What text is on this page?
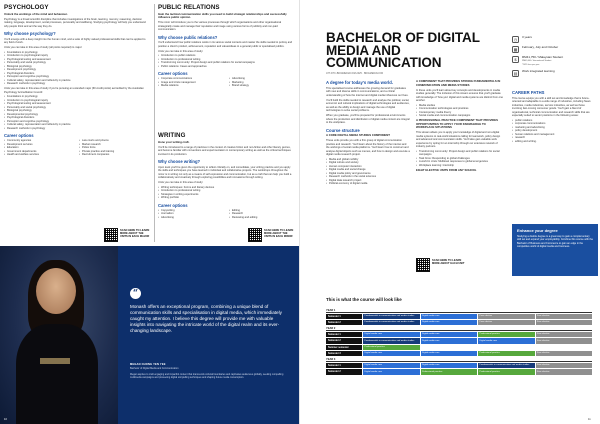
PSYCHOLOGY
Unlock the workings of the mind and behaviour.
Psychology is a broad scientific discipline that includes investigations of the brain, learning, memory, reasoning, decision making, language, development, social processes, personality and wellbeing. Studying psychology will help you understand why people think and act the way they do.
Why choose psychology?
You'll emerge with a deep insight into the human mind, and a suite of highly valued professional skills that can be applied to any field of work.
Units you can take in this area of study (all points required) to major:
• Foundations in psychology
• Introduction to psychological inquiry
• Psychological testing and assessment
• Personality and social psychology
• Biological psychology
• Development psychology
• Psychological disorders
• Perception and cognitive psychology
• Cultural safety, representation and reflexivity in practice
• Research methods in psychology
Units you can take in this area of study if you're pursuing an extended major (60 credit points) accredited by the Australian Psychology Accreditation Council:
• Foundations in psychology
• Introduction to psychological inquiry
• Psychological testing and assessment
• Personality and social psychology
• Biological psychology
• Developmental psychology
• Psychological disorders
• Perception and cognitive psychology
• Cultural safety, representation and reflexivity in practice
• Research methods in psychology
Career options
• Community agencies
• Development services
• Education
• Government departments
• Health and welfare services
• Law courts and prisons
• Market research
• Police force
• Private practice and training
• Recruitment companies
SCAN HERE TO LEARN MORE ABOUT THE UNITS IN EACH MAJOR
PUBLIC RELATIONS
Gain the tactical communication skills you need to build strategic relationships and successfully influence public opinion.
This minor will introduce you to the various processes through which organisations and other organisational strategically create and manage their reputation and image using various forms of publicity and non-paid communication.
Why choose public relations?
You'll understand how public relations works in its various social contexts and master the skills needed to portray and position a client's product, achievement, reputation and values/ideas to a general public or specialised publics.
Units you can take in this area of study:
• Introduction to public relations
• Introduction to professional writing
• Transforming community: Project design and public relations for social campaigns
• Public relations: Cases and approaches
Career options
• Corporate communications
• Image and crisis management
• Media relations
• Advertising
• Marketing
• Brand strategy
WRITING
Hone your writing craft.
You'll be introduced to a range of practices in the context of creative fiction and non-fiction and other literary genres, and become familiar with conventions and experimentation in contemporary writing as well as the critical techniques involved in its production.
Why choose writing?
Upon level you'll be given the opportunity to reflect critically on, and consolidate, your writing practice and you apply the skills and techniques you have learned in individual and collaborative projects. The workshops throughout the minor is in writing not only as a means of self expression and communication, but as a craft that can help you build a collaboratively and creatively through exploring possibilities and innovations through writing.
Units you can take in this area of study:
• Writing techniques: Forms and literary devices
• Introduction to professional writing
• Strategies in writing experiments
• Writing portfolio
Career options
• Copywriting
• Journalism
• Advertising
• Editing
• Research
• Reviewing and editing
SCAN HERE TO LEARN MORE ABOUT THE UNITS IN EACH MINOR
“
Monash offers an exceptional program, combining a unique blend of communication skills and specialisation in digital media, which immediately caught my attention. I believe this degree will provide me with valuable insights into navigating the intricate world of the digital realm and its ever-changing landscape.
MEGAN CHONG YEN YEE
Bachelor of Digital Media and Communication
Megan aspires to craft engaging and impactful content that transcends cultural boundaries and captivates audiences globally, seeking compelling multimedia campaigns and pioneering digital storytelling techniques and shaping future media consumption.
10
BACHELOR OF DIGITAL MEDIA AND COMMUNICATION
ATT-DTC-BDIGMEDIACOM-2025 · BDIGMEDIACOM
A degree for today's media world.
This specialised course addresses the growing demand for graduates with new and diverse skills in communications, and a critical understanding of how the internet and digital media influences our lives.
You'll build the skills needed to research and analyse the political, social, economic and cultural implications of digital technologies and audiences, as well as the ability to design and manage the use of digital technologies to solve social problems.
When you graduate, you'll be prepared for professional environments where the production and distribution of digital media content are integral to the workplace.
Course structure
A CORE DIGITAL MEDIA STUDIES COMPONENT
These units provide you with a firm grasp of digital communication practice and research. You'll learn about the history of the internet and the workings of social media platforms. You'll learn how to construct and analyse digital objects such as memes, and how to design and execute a digital media research project.
• Media and global mobility
• Digital culture and society
• Human computer interaction
• Digital media and social change
• Digital media policy and governance
• Research methods in the social sciences
• Digital data research project
• Political economy of digital media
A COMPONENT THAT PROVIDES STRONG FUNDAMENTALS IN COMMUNICATION AND MEDIA STUDIES
In these units you'll learn about key concepts and developments in media studies generally. The inclusion of this stream ensures that you'll graduate with knowledge of 'how-you' digital and media systems are distinct from one another.
• Media studies
• Communication technologies and practices
• Contemporary media theory
• Social media and communication campaigns
A PROFESSIONAL PRACTICE COMPONENT THAT PROVIDES OPPORTUNITIES TO APPLY YOUR KNOWLEDGE TO WORKPLACE SITUATIONS
This stream allows you to apply your knowledge of digital and non-digital media systems to real-world situations calling for teamwork, policy design and advanced oral communication skills. You'll also gain valuable work experience by opting for an internship through our extensive network of industry partners.
• Transforming community: Project design and public relations for social campaigns
• Task force: Responding to global challenges
• A world in crisis: Multilevel responses to global emergencies
• Workplace learning: Internship
EIGHT ELECTIVE UNITS FROM ANY SCHOOL
SCAN HERE TO LEARN MORE ABOUT EACH UNIT
◷	3 years
▦	February, July and October
$	RM41,750 / Malaysian Student
RM49,400 / International Student
*2025 fees per year
▤	Work integrated learning
CAREER PATHS
This course equips you with a skill set and knowledge that is future-oriented and adaptable to a wide range of industries, including News industries, media industries, service industries, as well as those involving fast-moving consumer goods. You'll gain a blend of organisational, technical communication and research skills that are especially suited to senior positions in the following areas:
• public relations
• corporate communications
• marketing and advertising
• policy development
• human relations and management
• research
• editing and writing.
Enhance your degree
Studying a double degree is a great way to gain a complementary skill set and expand your employability. Combine this course with the Bachelor of Business and Commerce to gain an edge in the competitive world of digital media and business.
This is what the course will look like
YEAR 1
Semester 1	Fundamentals in communication and media studies	Digital media core	Free elective	Free elective
Semester 2	Fundamentals in communication and media studies	Digital media core	Free elective	Free elective
YEAR 2
Semester 1	Digital media core	Digital media core	Professional practice	Free elective
Semester 2	Fundamentals in communication and media studies	Digital media core	Digital media core	Free elective
Summer semester	Professional practice
Semester 3	Digital media core	Digital media core	Professional practice	Free elective
YEAR 3
Semester 1	Digital media core	Digital media core	Fundamentals in communication and media studies	Free elective
Semester 2	Digital media core	Professional practice	Professional practice	Free elective
11
